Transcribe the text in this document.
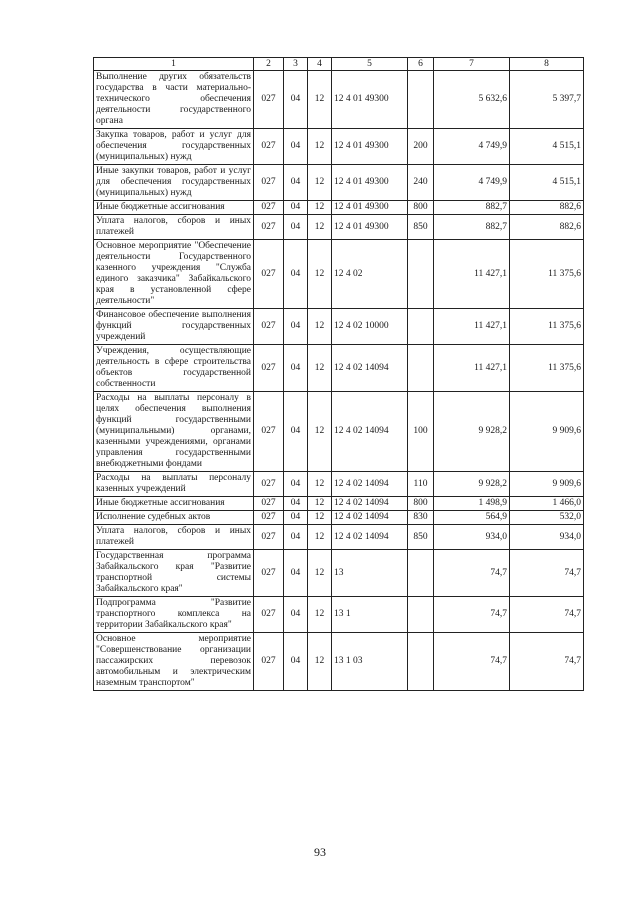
1	2	3	4	5	6	7	8
Выполнение других обязательств государства в части материально-технического обеспечения деятельности государственного органа	027	04	12	12 4 01 49300		5 632,6	5 397,7
Закупка товаров, работ и услуг для обеспечения государственных (муниципальных) нужд	027	04	12	12 4 01 49300	200	4 749,9	4 515,1
Иные закупки товаров, работ и услуг для обеспечения государственных (муниципальных) нужд	027	04	12	12 4 01 49300	240	4 749,9	4 515,1
Иные бюджетные ассигнования	027	04	12	12 4 01 49300	800	882,7	882,6
Уплата налогов, сборов и иных платежей	027	04	12	12 4 01 49300	850	882,7	882,6
Основное мероприятие "Обеспечение деятельности Государственного казенного учреждения "Служба единого заказчика" Забайкальского края в установленной сфере деятельности"	027	04	12	12 4 02		11 427,1	11 375,6
Финансовое обеспечение выполнения функций государственных учреждений	027	04	12	12 4 02 10000		11 427,1	11 375,6
Учреждения, осуществляющие деятельность в сфере строительства объектов государственной собственности	027	04	12	12 4 02 14094		11 427,1	11 375,6
Расходы на выплаты персоналу в целях обеспечения выполнения функций государственными (муниципальными) органами, казенными учреждениями, органами управления государственными внебюджетными фондами	027	04	12	12 4 02 14094	100	9 928,2	9 909,6
Расходы на выплаты персоналу казенных учреждений	027	04	12	12 4 02 14094	110	9 928,2	9 909,6
Иные бюджетные ассигнования	027	04	12	12 4 02 14094	800	1 498,9	1 466,0
Исполнение судебных актов	027	04	12	12 4 02 14094	830	564,9	532,0
Уплата налогов, сборов и иных платежей	027	04	12	12 4 02 14094	850	934,0	934,0
Государственная программа Забайкальского края "Развитие транспортной системы Забайкальского края"	027	04	12	13		74,7	74,7
Подпрограмма "Развитие транспортного комплекса на территории Забайкальского края"	027	04	12	13 1		74,7	74,7
Основное мероприятие "Совершенствование организации пассажирских перевозок автомобильным и электрическим наземным транспортом"	027	04	12	13 1 03		74,7	74,7
93
